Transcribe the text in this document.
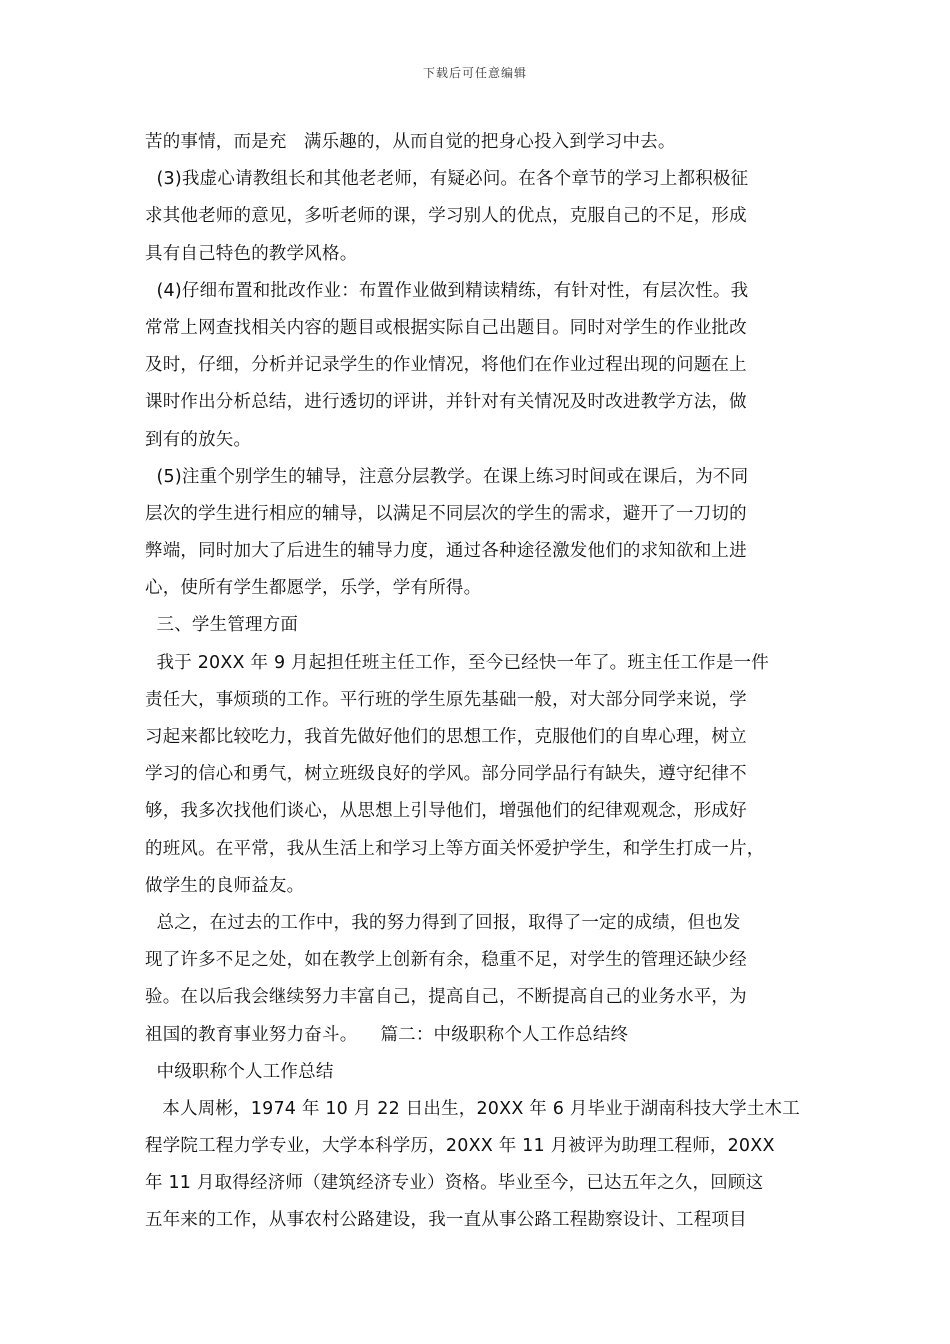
下载后可任意编辑
苦的事情，而是充   满乐趣的，从而自觉的把身心投入到学习中去。
(3)我虚心请教组长和其他老老师，有疑必问。在各个章节的学习上都积极征
求其他老师的意见，多听老师的课，学习别人的优点，克服自己的不足，形成
具有自己特色的教学风格。
(4)仔细布置和批改作业：布置作业做到精读精练，有针对性，有层次性。我
常常上网查找相关内容的题目或根据实际自己出题目。同时对学生的作业批改
及时，仔细，分析并记录学生的作业情况，将他们在作业过程出现的问题在上
课时作出分析总结，进行透切的评讲，并针对有关情况及时改进教学方法，做
到有的放矢。
(5)注重个别学生的辅导，注意分层教学。在课上练习时间或在课后，为不同
层次的学生进行相应的辅导，以满足不同层次的学生的需求，避开了一刀切的
弊端，同时加大了后进生的辅导力度，通过各种途径激发他们的求知欲和上进
心，使所有学生都愿学，乐学，学有所得。
三、学生管理方面
我于 20XX 年 9 月起担任班主任工作，至今已经快一年了。班主任工作是一件
责任大，事烦琐的工作。平行班的学生原先基础一般，对大部分同学来说，学
习起来都比较吃力，我首先做好他们的思想工作，克服他们的自卑心理，树立
学习的信心和勇气，树立班级良好的学风。部分同学品行有缺失，遵守纪律不
够，我多次找他们谈心，从思想上引导他们，增强他们的纪律观观念，形成好
的班风。在平常，我从生活上和学习上等方面关怀爱护学生，和学生打成一片，
做学生的良师益友。
总之，在过去的工作中，我的努力得到了回报，取得了一定的成绩，但也发
现了许多不足之处，如在教学上创新有余，稳重不足，对学生的管理还缺少经
验。在以后我会继续努力丰富自己，提高自己，不断提高自己的业务水平，为
祖国的教育事业努力奋斗。    篇二：中级职称个人工作总结终
中级职称个人工作总结
本人周彬，1974 年 10 月 22 日出生，20XX 年 6 月毕业于湖南科技大学土木工
程学院工程力学专业，大学本科学历，20XX 年 11 月被评为助理工程师，20XX
年 11 月取得经济师（建筑经济专业）资格。毕业至今，已达五年之久，回顾这
五年来的工作，从事农村公路建设，我一直从事公路工程勘察设计、工程项目
